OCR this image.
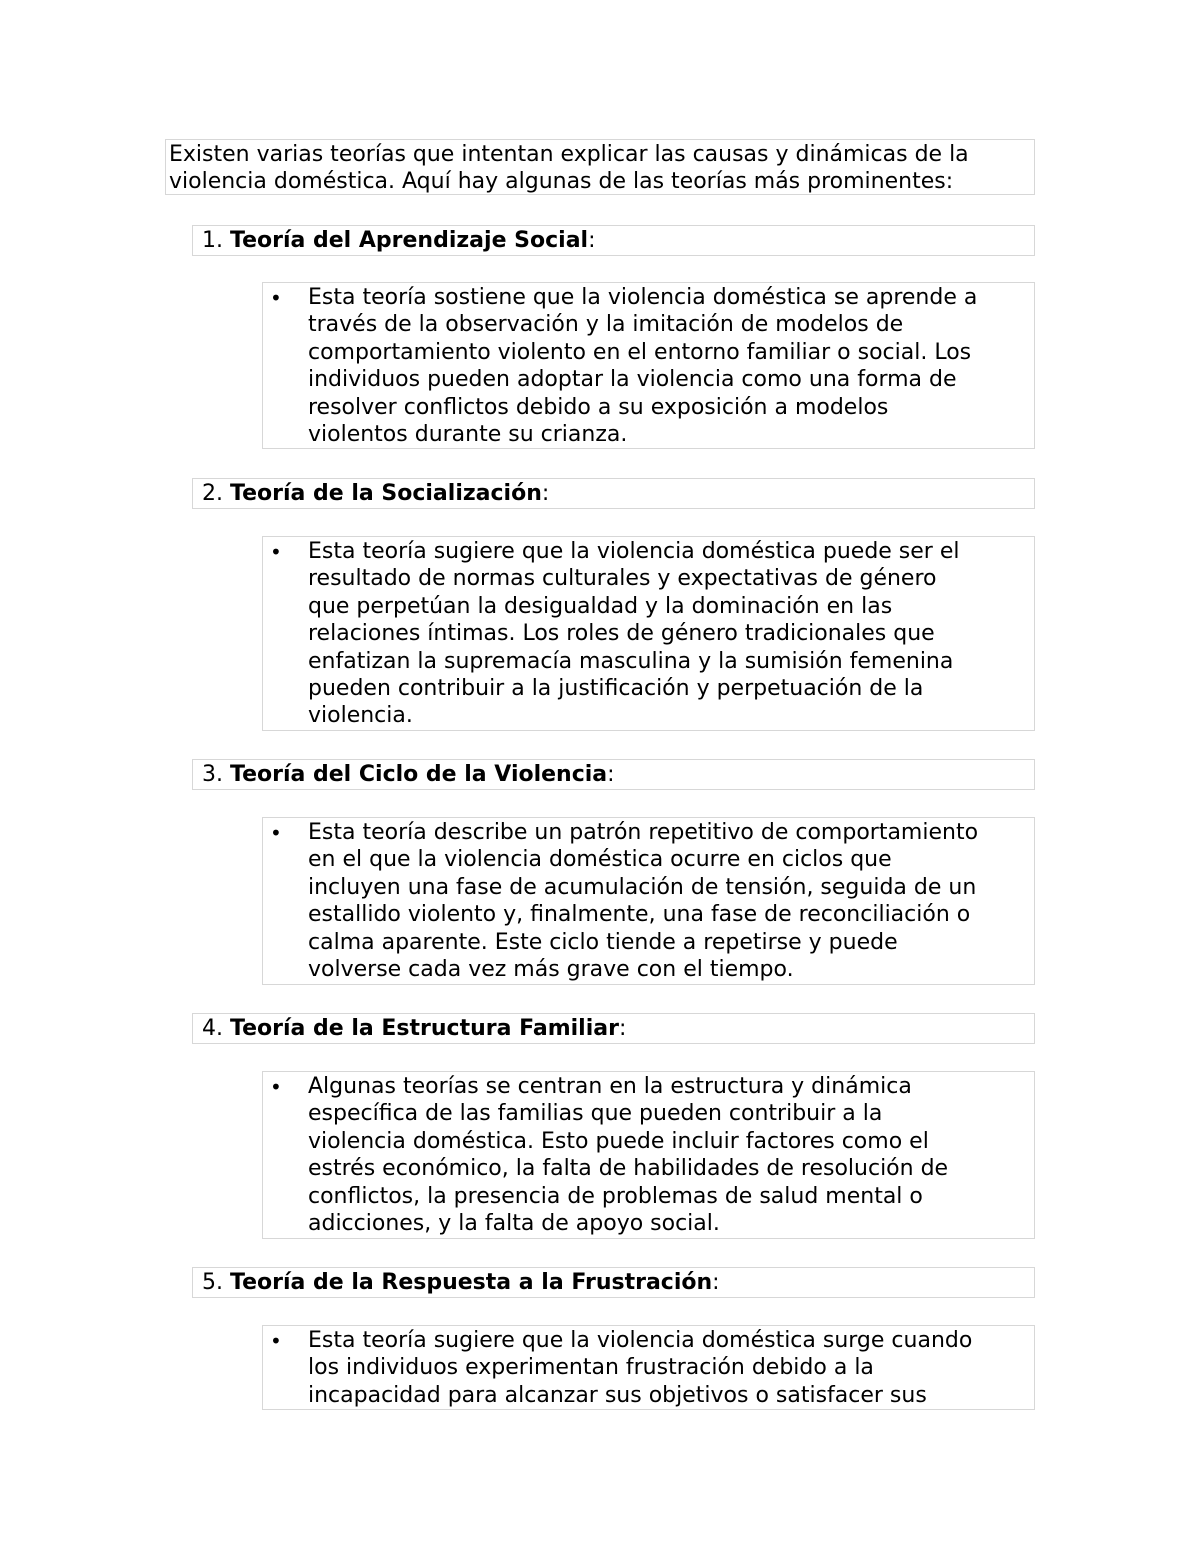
Existen varias teorías que intentan explicar las causas y dinámicas de la
violencia doméstica. Aquí hay algunas de las teorías más prominentes:
1. Teoría del Aprendizaje Social:
• Esta teoría sostiene que la violencia doméstica se aprende a
través de la observación y la imitación de modelos de
comportamiento violento en el entorno familiar o social. Los
individuos pueden adoptar la violencia como una forma de
resolver conflictos debido a su exposición a modelos
violentos durante su crianza.
2. Teoría de la Socialización:
• Esta teoría sugiere que la violencia doméstica puede ser el
resultado de normas culturales y expectativas de género
que perpetúan la desigualdad y la dominación en las
relaciones íntimas. Los roles de género tradicionales que
enfatizan la supremacía masculina y la sumisión femenina
pueden contribuir a la justificación y perpetuación de la
violencia.
3. Teoría del Ciclo de la Violencia:
• Esta teoría describe un patrón repetitivo de comportamiento
en el que la violencia doméstica ocurre en ciclos que
incluyen una fase de acumulación de tensión, seguida de un
estallido violento y, finalmente, una fase de reconciliación o
calma aparente. Este ciclo tiende a repetirse y puede
volverse cada vez más grave con el tiempo.
4. Teoría de la Estructura Familiar:
• Algunas teorías se centran en la estructura y dinámica
específica de las familias que pueden contribuir a la
violencia doméstica. Esto puede incluir factores como el
estrés económico, la falta de habilidades de resolución de
conflictos, la presencia de problemas de salud mental o
adicciones, y la falta de apoyo social.
5. Teoría de la Respuesta a la Frustración:
• Esta teoría sugiere que la violencia doméstica surge cuando
los individuos experimentan frustración debido a la
incapacidad para alcanzar sus objetivos o satisfacer sus
